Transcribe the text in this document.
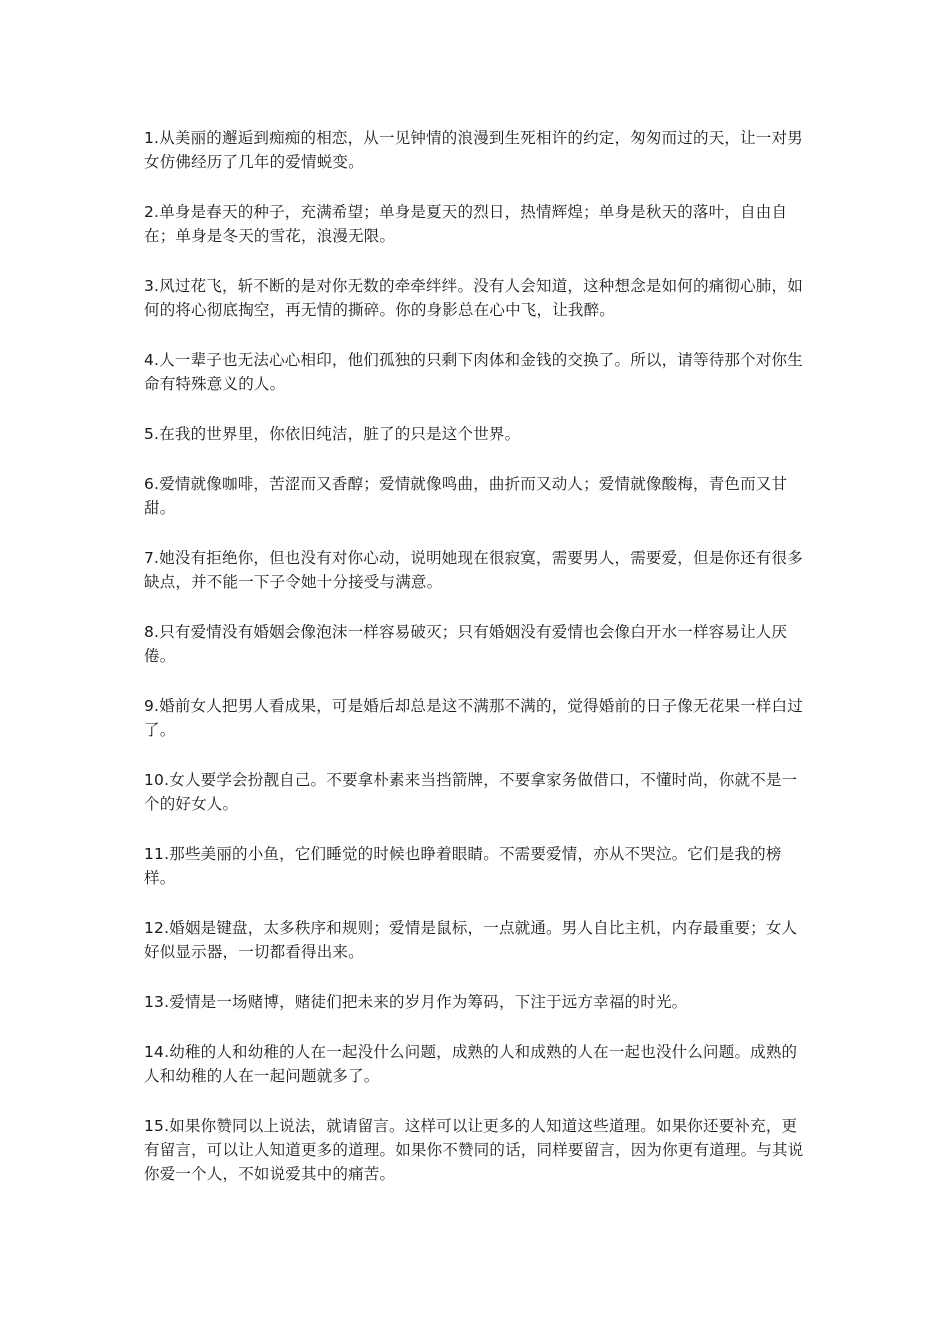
1.从美丽的邂逅到痴痴的相恋，从一见钟情的浪漫到生死相许的约定，匆匆而过的天，让一对男女仿佛经历了几年的爱情蜕变。

2.单身是春天的种子，充满希望；单身是夏天的烈日，热情辉煌；单身是秋天的落叶，自由自在；单身是冬天的雪花，浪漫无限。

3.风过花飞，斩不断的是对你无数的牵牵绊绊。没有人会知道，这种想念是如何的痛彻心肺，如何的将心彻底掏空，再无情的撕碎。你的身影总在心中飞，让我醉。

4.人一辈子也无法心心相印，他们孤独的只剩下肉体和金钱的交换了。所以，请等待那个对你生命有特殊意义的人。

5.在我的世界里，你依旧纯洁，脏了的只是这个世界。

6.爱情就像咖啡，苦涩而又香醇；爱情就像鸣曲，曲折而又动人；爱情就像酸梅，青色而又甘甜。

7.她没有拒绝你，但也没有对你心动，说明她现在很寂寞，需要男人，需要爱，但是你还有很多缺点，并不能一下子令她十分接受与满意。

8.只有爱情没有婚姻会像泡沫一样容易破灭；只有婚姻没有爱情也会像白开水一样容易让人厌倦。

9.婚前女人把男人看成果，可是婚后却总是这不满那不满的，觉得婚前的日子像无花果一样白过了。

10.女人要学会扮靓自己。不要拿朴素来当挡箭牌，不要拿家务做借口，不懂时尚，你就不是一个的好女人。

11.那些美丽的小鱼，它们睡觉的时候也睁着眼睛。不需要爱情，亦从不哭泣。它们是我的榜样。

12.婚姻是键盘，太多秩序和规则；爱情是鼠标，一点就通。男人自比主机，内存最重要；女人好似显示器，一切都看得出来。

13.爱情是一场赌博，赌徒们把未来的岁月作为筹码，下注于远方幸福的时光。

14.幼稚的人和幼稚的人在一起没什么问题，成熟的人和成熟的人在一起也没什么问题。成熟的人和幼稚的人在一起问题就多了。

15.如果你赞同以上说法，就请留言。这样可以让更多的人知道这些道理。如果你还要补充，更有留言，可以让人知道更多的道理。如果你不赞同的话，同样要留言，因为你更有道理。与其说你爱一个人，不如说爱其中的痛苦。
